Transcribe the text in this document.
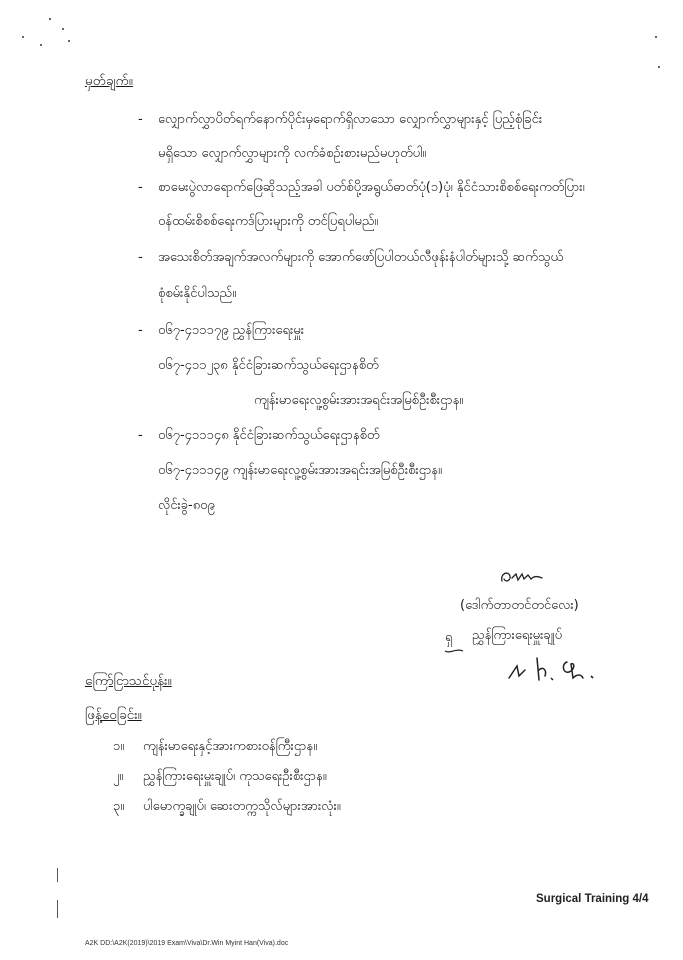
မှတ်ချက်။
- လျှောက်လွှာပိတ်ရက်နောက်ပိုင်းမှရောက်ရှိလာသော လျှောက်လွှာများနှင့် ပြည့်စုံခြင်း
မရှိသော လျှောက်လွှာများကို လက်ခံစဉ်းစားမည်မဟုတ်ပါ။
- စာမေးပွဲလာရောက်ဖြေဆိုသည့်အခါ ပတ်စ်ပို့အရွယ်ဓာတ်ပုံ(၁)ပုံ၊ နိုင်ငံသားစိစစ်ရေးကတ်ပြား၊
ဝန်ထမ်းစိစစ်ရေးကဒ်ပြားများကို တင်ပြရပါမည်။
- အသေးစိတ်အချက်အလက်များကို အောက်ဖော်ပြပါတယ်လီဖုန်းနံပါတ်များသို့ ဆက်သွယ်
စုံစမ်းနိုင်ပါသည်။
- ၀၆၇-၄၁၁၁၇၉ ညွှန်ကြားရေးမှူး
၀၆၇-၄၁၁၂၃၈ နိုင်ငံခြားဆက်သွယ်ရေးဌာနစိတ်
ကျန်းမာရေးလူ့စွမ်းအားအရင်းအမြစ်ဦးစီးဌာန။
- ၀၆၇-၄၁၁၁၄၈ နိုင်ငံခြားဆက်သွယ်ရေးဌာနစိတ်
၀၆၇-၄၁၁၁၄၉ ကျန်းမာရေးလူ့စွမ်းအားအရင်းအမြစ်ဦးစီးဌာန။
လိုင်းခွဲ-၈၀၉
(ဒေါက်တာတင်တင်လေး)
ရှ ညွှန်ကြားရေးမှူးချုပ်
ကြော်ငြာသင်ပုန်း။
ဖြန့်ဝေခြင်း။
၁။ ကျန်းမာရေးနှင့်အားကစားဝန်ကြီးဌာန။
၂။ ညွှန်ကြားရေးမှူးချုပ်၊ ကုသရေးဦးစီးဌာန။
၃။ ပါမောက္ခချုပ်၊ ဆေးတက္ကသိုလ်များအားလုံး။
Surgical Training 4/4
A2K DD:\A2K(2019)\2019 Exam\Viva\Dr.Win Myint Han(Viva).doc
